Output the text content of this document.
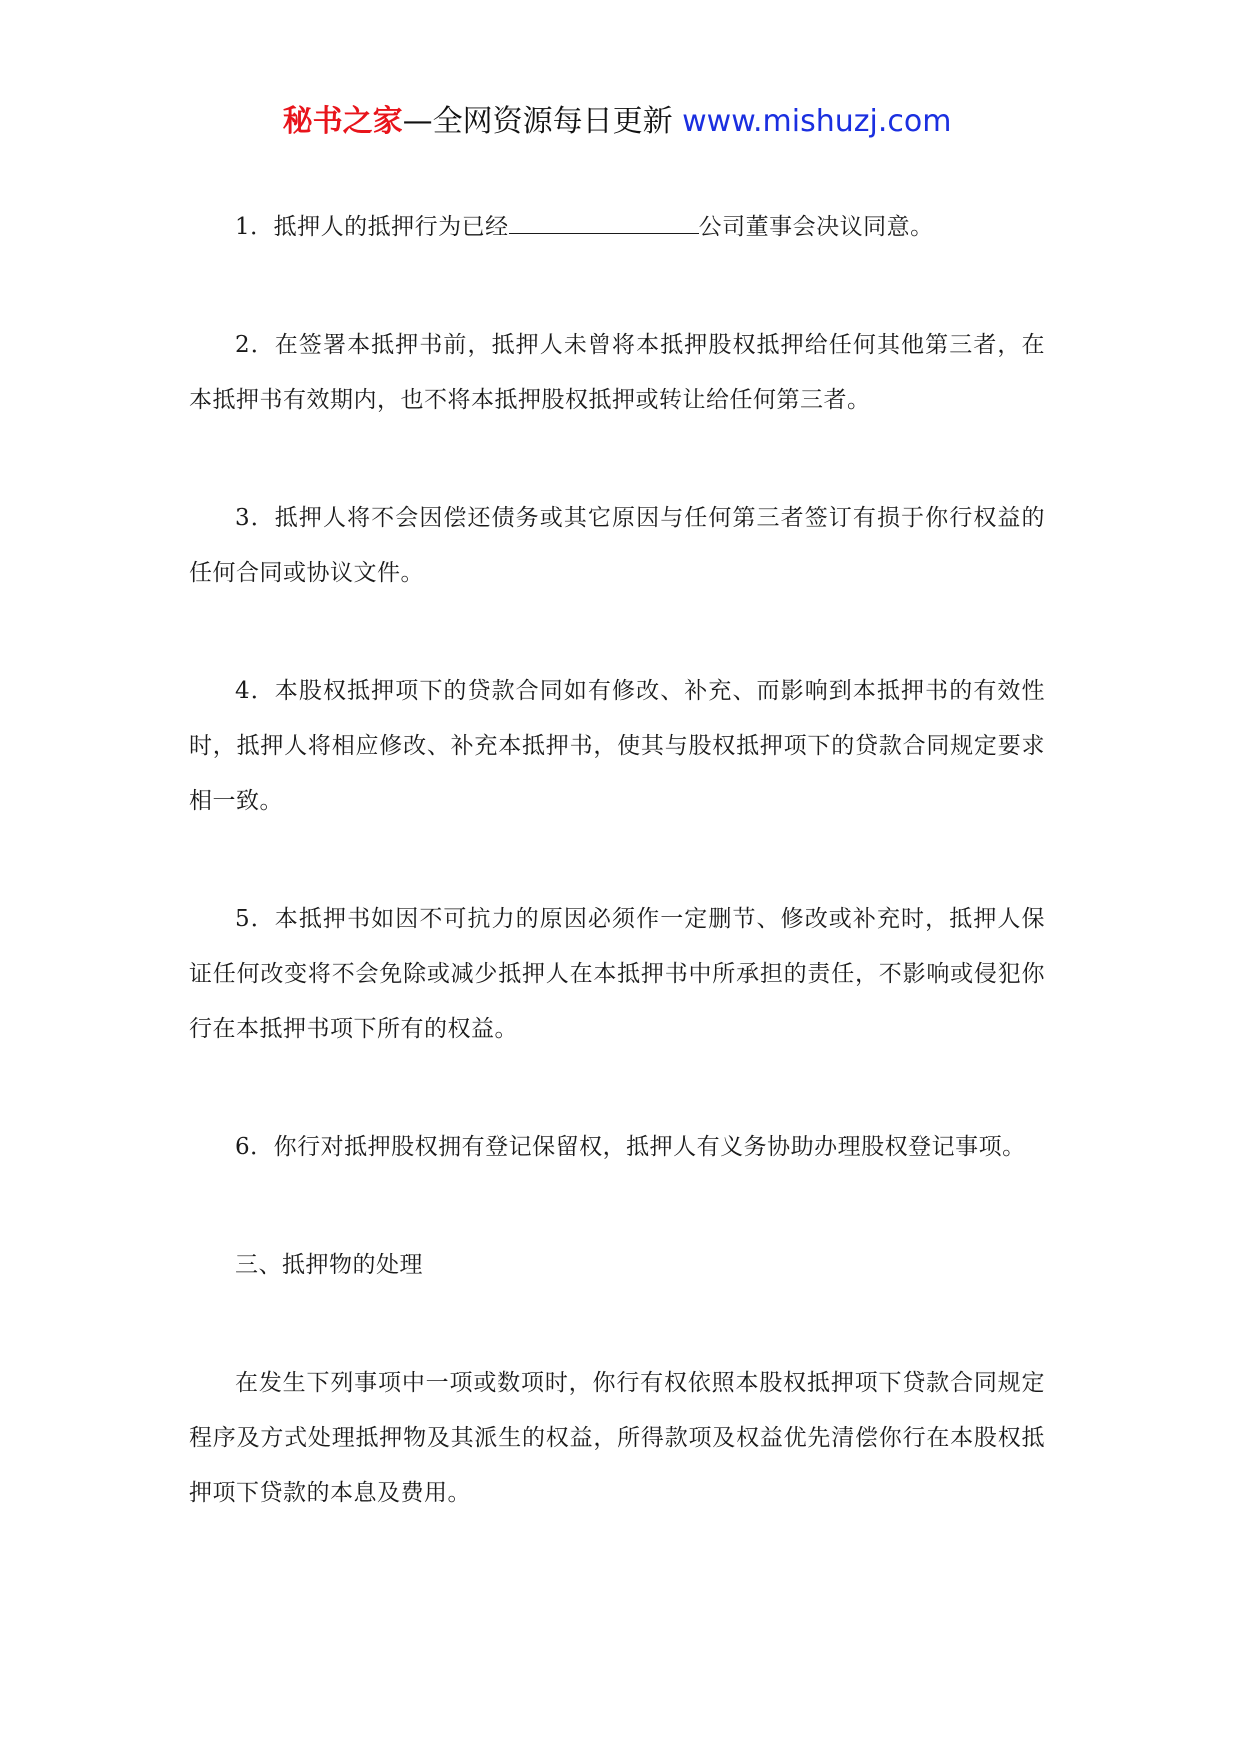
秘书之家—全网资源每日更新 www.mishuzj.com

1．抵押人的抵押行为已经	公司董事会决议同意。

2．在签署本抵押书前，抵押人未曾将本抵押股权抵押给任何其他第三者，在本抵押书有效期内，也不将本抵押股权抵押或转让给任何第三者。

3．抵押人将不会因偿还债务或其它原因与任何第三者签订有损于你行权益的任何合同或协议文件。

4．本股权抵押项下的贷款合同如有修改、补充、而影响到本抵押书的有效性时，抵押人将相应修改、补充本抵押书，使其与股权抵押项下的贷款合同规定要求相一致。

5．本抵押书如因不可抗力的原因必须作一定删节、修改或补充时，抵押人保证任何改变将不会免除或减少抵押人在本抵押书中所承担的责任，不影响或侵犯你行在本抵押书项下所有的权益。

6．你行对抵押股权拥有登记保留权，抵押人有义务协助办理股权登记事项。

三、抵押物的处理

在发生下列事项中一项或数项时，你行有权依照本股权抵押项下贷款合同规定程序及方式处理抵押物及其派生的权益，所得款项及权益优先清偿你行在本股权抵押项下贷款的本息及费用。
